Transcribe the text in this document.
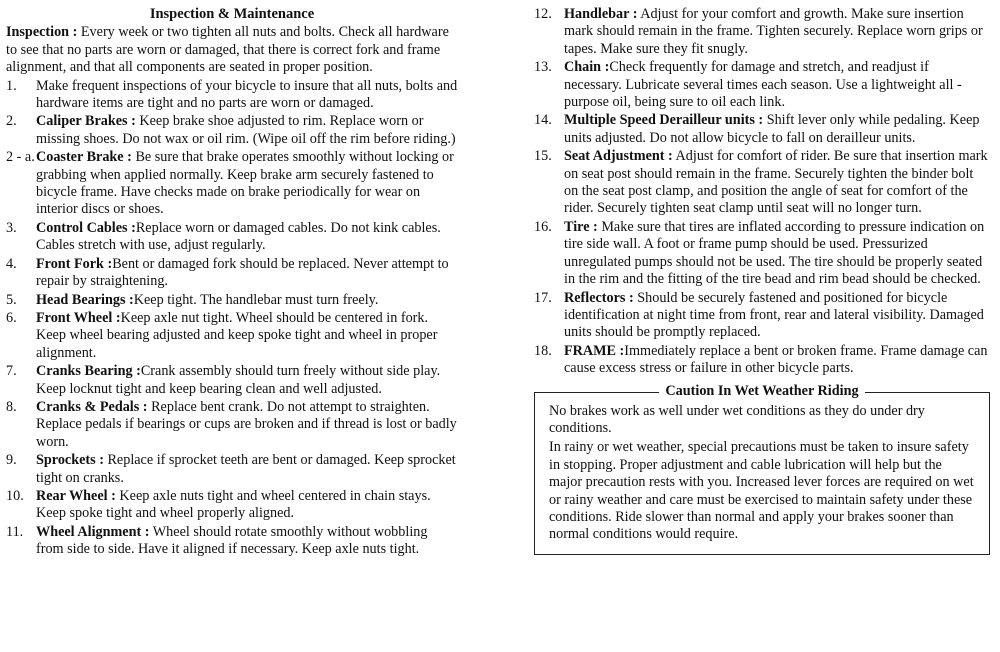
Inspection & Maintenance
Inspection : Every week or two tighten all nuts and bolts. Check all hardware to see that no parts are worn or damaged, that there is correct fork and frame alignment, and that all components are seated in proper position.
1.	Make frequent inspections of your bicycle to insure that all nuts, bolts and hardware items are tight and no parts are worn or damaged.
2.	Caliper Brakes : Keep brake shoe adjusted to rim. Replace worn or missing shoes. Do not wax or oil rim. (Wipe oil off the rim before riding.)
2 - a. Coaster Brake : Be sure that brake operates smoothly without locking or grabbing when applied normally. Keep brake arm securely fastened to bicycle frame. Have checks made on brake periodically for wear on interior discs or shoes.
3.	Control Cables :Replace worn or damaged cables. Do not kink cables. Cables stretch with use, adjust regularly.
4.	Front Fork :Bent or damaged fork should be replaced. Never attempt to repair by straightening.
5.	Head Bearings :Keep tight. The handlebar must turn freely.
6.	Front Wheel :Keep axle nut tight. Wheel should be centered in fork. Keep wheel bearing adjusted and keep spoke tight and wheel in proper alignment.
7.	Cranks Bearing :Crank assembly should turn freely without side play. Keep locknut tight and keep bearing clean and well adjusted.
8.	Cranks & Pedals : Replace bent crank. Do not attempt to straighten. Replace pedals if bearings or cups are broken and if thread is lost or badly worn.
9.	Sprockets : Replace if sprocket teeth are bent or damaged. Keep sprocket tight on cranks.
10. Rear Wheel : Keep axle nuts tight and wheel centered in chain stays. Keep spoke tight and wheel properly aligned.
11. Wheel Alignment : Wheel should rotate smoothly without wobbling from side to side. Have it aligned if necessary. Keep axle nuts tight.
12. Handlebar : Adjust for your comfort and growth. Make sure insertion mark should remain in the frame. Tighten securely. Replace worn grips or tapes. Make sure they fit snugly.
13. Chain :Check frequently for damage and stretch, and readjust if necessary. Lubricate several times each season. Use a lightweight all - purpose oil, being sure to oil each link.
14. Multiple Speed Derailleur units : Shift lever only while pedaling. Keep units adjusted. Do not allow bicycle to fall on derailleur units.
15. Seat Adjustment : Adjust for comfort of rider. Be sure that insertion mark on seat post should remain in the frame. Securely tighten the binder bolt on the seat post clamp, and position the angle of seat for comfort of the rider. Securely tighten seat clamp until seat will no longer turn.
16. Tire : Make sure that tires are inflated according to pressure indication on tire side wall. A foot or frame pump should be used. Pressurized unregulated pumps should not be used. The tire should be properly seated in the rim and the fitting of the tire bead and rim bead should be checked.
17. Reflectors : Should be securely fastened and positioned for bicycle identification at night time from front, rear and lateral visibility. Damaged units should be promptly replaced.
18. FRAME :Immediately replace a bent or broken frame. Frame damage can cause excess stress or failure in other bicycle parts.
Caution In Wet Weather Riding

No brakes work as well under wet conditions as they do under dry conditions.

In rainy or wet weather, special precautions must be taken to insure safety in stopping. Proper adjustment and cable lubrication will help but the major precaution rests with you. Increased lever forces are required on wet or rainy weather and care must be exercised to maintain safety under these conditions. Ride slower than normal and apply your brakes sooner than normal conditions would require.
